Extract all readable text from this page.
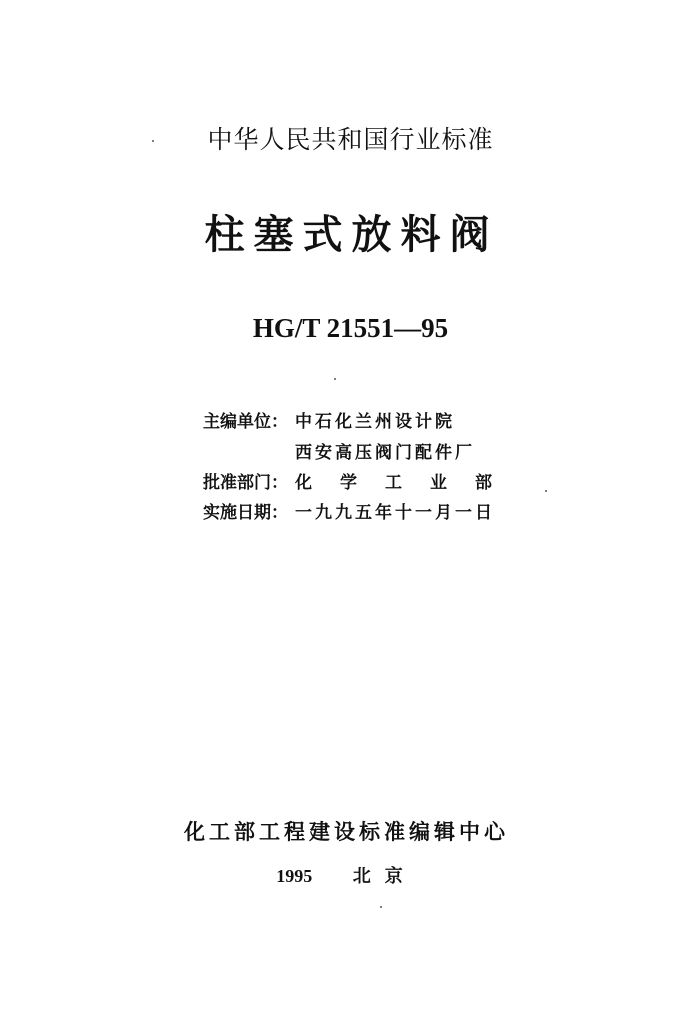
中华人民共和国行业标准
柱塞式放料阀
HG/T 21551—95
主编单位： 中石化兰州设计院
西安高压阀门配件厂
批准部门： 化学工业部
实施日期： 一九九五年十一月一日
化工部工程建设标准编辑中心
1995 北京
